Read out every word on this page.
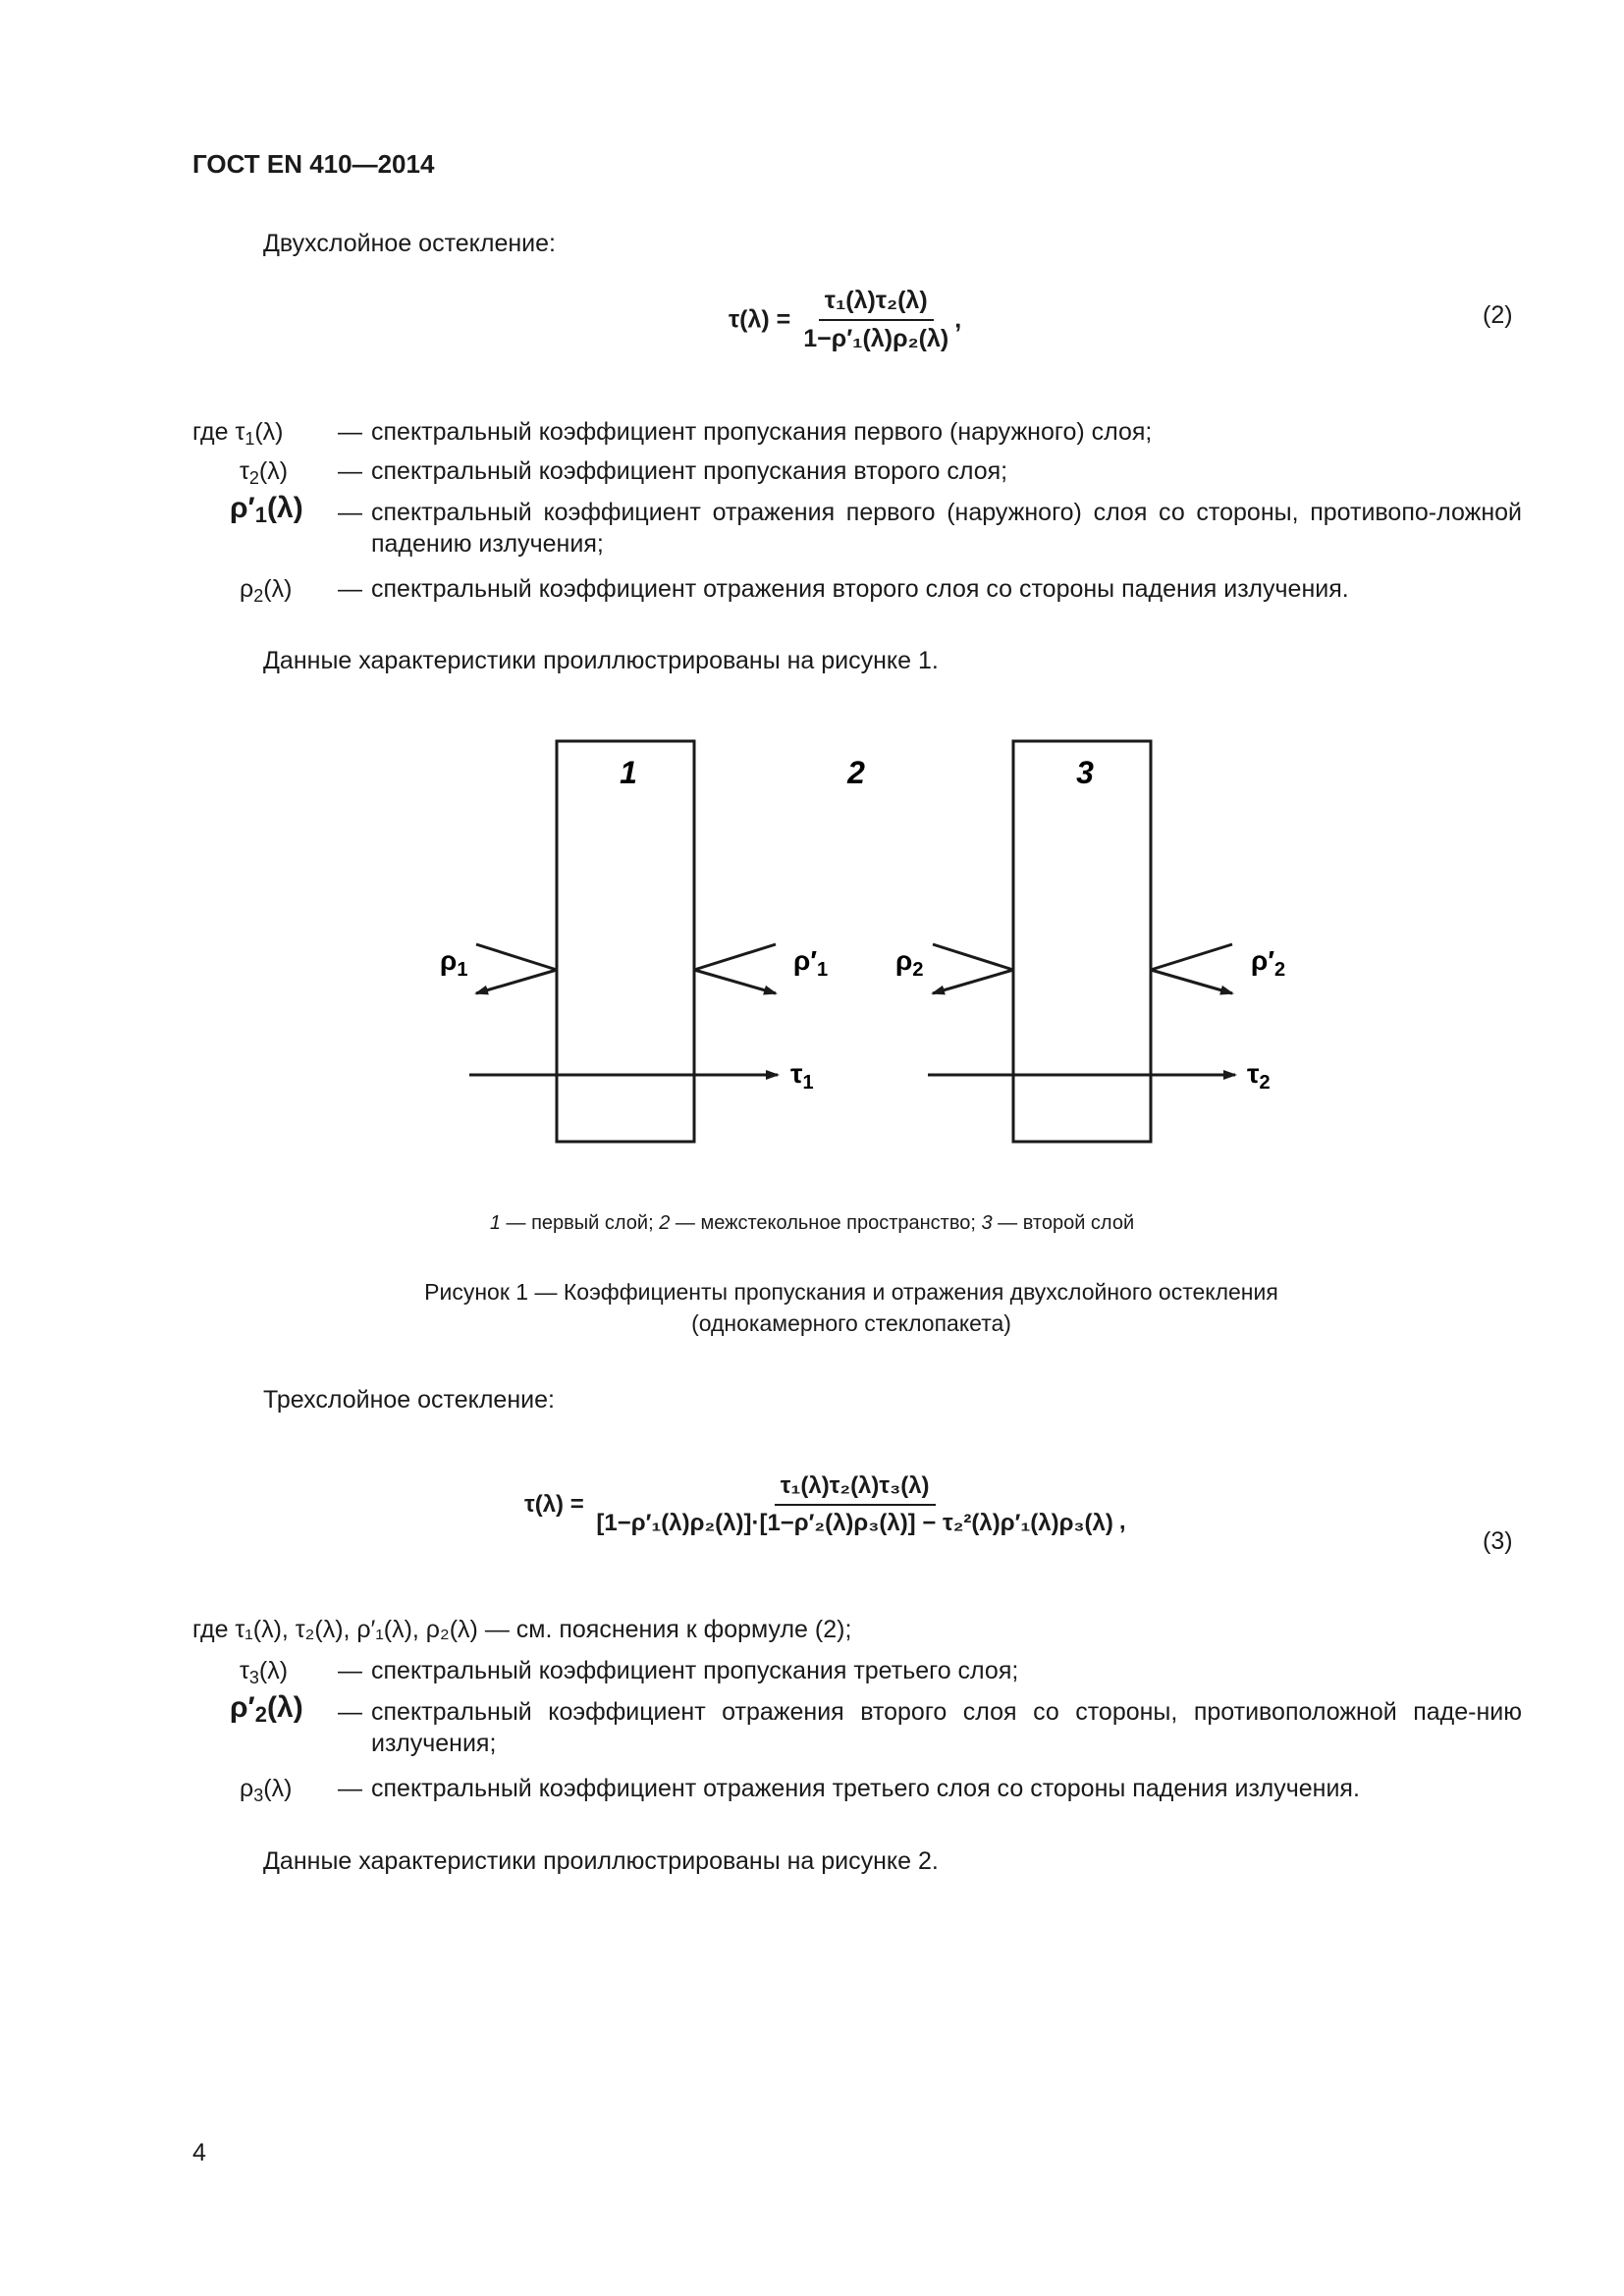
ГОСТ EN 410—2014
Двухслойное остекление:
$\tau(\lambda) = \frac{\text{τ₁(λ)τ₂(λ)}}{\text{1−ρ′₁(λ)ρ₂(λ)}}$ ,	(2)
где $\tau_1(\lambda)$ — спектральный коэффициент пропускания первого (наружного) слоя;
$\tau_2(\lambda)$ — спектральный коэффициент пропускания второго слоя;
$\rho'_1(\lambda)$ — спектральный коэффициент отражения первого (наружного) слоя со стороны, противопо-ложной падению излучения;
$\rho_2(\lambda)$ — спектральный коэффициент отражения второго слоя со стороны падения излучения.
Данные характеристики проиллюстрированы на рисунке 1.
1	2	3
$\rho_1$	$\rho'_1$ $\rho_2$	$\rho'_2$
$\tau_1$	$\tau_2$
1 — первый слой; 2 — межстекольное пространство; 3 — второй слой
Рисунок 1 — Коэффициенты пропускания и отражения двухслойного остекления
(однокамерного стеклопакета)
Трехслойное остекление:
$\tau(\lambda) = \frac{\text{τ₁(λ)τ₂(λ)τ₃(λ)}}{\text{[1−ρ′₁(λ)ρ₂(λ)]·[1−ρ′₂(λ)ρ₃(λ)] − τ₂²(λ)ρ′₁(λ)ρ₃(λ)}}$ ,
(3)
где τ₁(λ), τ₂(λ), ρ′₁(λ), ρ₂(λ) — см. пояснения к формуле (2);
$\tau_3(\lambda)$ — спектральный коэффициент пропускания третьего слоя;
$\rho'_2(\lambda)$ — спектральный коэффициент отражения второго слоя со стороны, противоположной паде-нию излучения;
$\rho_3(\lambda)$ — спектральный коэффициент отражения третьего слоя со стороны падения излучения.
Данные характеристики проиллюстрированы на рисунке 2.
4
